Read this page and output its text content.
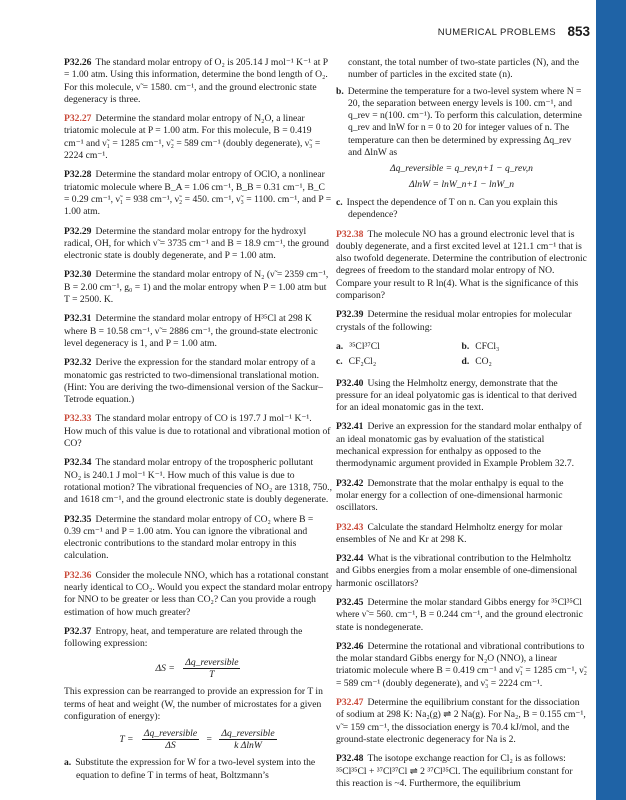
NUMERICAL PROBLEMS 853

P32.26 The standard molar entropy of O₂ is 205.14 J mol⁻¹ K⁻¹ at P = 1.00 atm. Using this information, determine the bond length of O₂. For this molecule, ν̃ = 1580. cm⁻¹, and the ground electronic state degeneracy is three.

P32.27 Determine the standard molar entropy of N₂O, a linear triatomic molecule at P = 1.00 atm. For this molecule, B = 0.419 cm⁻¹ and ν̃₁ = 1285 cm⁻¹, ν̃₂ = 589 cm⁻¹ (doubly degenerate), ν̃₃ = 2224 cm⁻¹.

P32.28 Determine the standard molar entropy of OClO, a nonlinear triatomic molecule where B_A = 1.06 cm⁻¹, B_B = 0.31 cm⁻¹, B_C = 0.29 cm⁻¹, ν̃₁ = 938 cm⁻¹, ν̃₂ = 450. cm⁻¹, ν̃₃ = 1100. cm⁻¹, and P = 1.00 atm.

P32.29 Determine the standard molar entropy for the hydroxyl radical, OH, for which ν̃ = 3735 cm⁻¹ and B = 18.9 cm⁻¹, the ground electronic state is doubly degenerate, and P = 1.00 atm.

P32.30 Determine the standard molar entropy of N₂ (ν̃ = 2359 cm⁻¹, B = 2.00 cm⁻¹, g₀ = 1) and the molar entropy when P = 1.00 atm but T = 2500. K.

P32.31 Determine the standard molar entropy of H³⁵Cl at 298 K where B = 10.58 cm⁻¹, ν̃ = 2886 cm⁻¹, the ground-state electronic level degeneracy is 1, and P = 1.00 atm.

P32.32 Derive the expression for the standard molar entropy of a monatomic gas restricted to two-dimensional translational motion. (Hint: You are deriving the two-dimensional version of the Sackur–Tetrode equation.)

P32.33 The standard molar entropy of CO is 197.7 J mol⁻¹ K⁻¹. How much of this value is due to rotational and vibrational motion of CO?

P32.34 The standard molar entropy of the tropospheric pollutant NO₂ is 240.1 J mol⁻¹ K⁻¹. How much of this value is due to rotational motion? The vibrational frequencies of NO₂ are 1318, 750., and 1618 cm⁻¹, and the ground electronic state is doubly degenerate.

P32.35 Determine the standard molar entropy of CO₂ where B = 0.39 cm⁻¹ and P = 1.00 atm. You can ignore the vibrational and electronic contributions to the standard molar entropy in this calculation.

P32.36 Consider the molecule NNO, which has a rotational constant nearly identical to CO₂. Would you expect the standard molar entropy for NNO to be greater or less than CO₂? Can you provide a rough estimation of how much greater?

P32.37 Entropy, heat, and temperature are related through the following expression:

$\Delta S = \frac{\text{Δq\_reversible}}{T}$

This expression can be rearranged to provide an expression for T in terms of heat and weight (W, the number of microstates for a given configuration of energy):

$T = \frac{\text{Δq\_reversible}}{\Delta S} = \frac{\text{Δq\_reversible}}{\text{k ΔlnW}}$

a. Substitute the expression for W for a two-level system into the equation to define T in terms of heat, Boltzmann’s

constant, the total number of two-state particles (N), and the number of particles in the excited state (n).

b. Determine the temperature for a two-level system where N = 20, the separation between energy levels is 100. cm⁻¹, and q_rev = n(100. cm⁻¹). To perform this calculation, determine q_rev and lnW for n = 0 to 20 for integer values of n. The temperature can then be determined by expressing Δq_rev and ΔlnW as

Δq_reversible = q_rev,n+1 − q_rev,n
ΔlnW = lnW_n+1 − lnW_n

c. Inspect the dependence of T on n. Can you explain this dependence?

P32.38 The molecule NO has a ground electronic level that is doubly degenerate, and a first excited level at 121.1 cm⁻¹ that is also twofold degenerate. Determine the contribution of electronic degrees of freedom to the standard molar entropy of NO. Compare your result to R ln(4). What is the significance of this comparison?

P32.39 Determine the residual molar entropies for molecular crystals of the following:

a. ³⁵Cl³⁷Cl	b. CFCl₃
c. CF₂Cl₂	d. CO₂

P32.40 Using the Helmholtz energy, demonstrate that the pressure for an ideal polyatomic gas is identical to that derived for an ideal monatomic gas in the text.

P32.41 Derive an expression for the standard molar enthalpy of an ideal monatomic gas by evaluation of the statistical mechanical expression for enthalpy as opposed to the thermodynamic argument provided in Example Problem 32.7.

P32.42 Demonstrate that the molar enthalpy is equal to the molar energy for a collection of one-dimensional harmonic oscillators.

P32.43 Calculate the standard Helmholtz energy for molar ensembles of Ne and Kr at 298 K.

P32.44 What is the vibrational contribution to the Helmholtz and Gibbs energies from a molar ensemble of one-dimensional harmonic oscillators?

P32.45 Determine the molar standard Gibbs energy for ³⁵Cl³⁵Cl where ν̃ = 560. cm⁻¹, B = 0.244 cm⁻¹, and the ground electronic state is nondegenerate.

P32.46 Determine the rotational and vibrational contributions to the molar standard Gibbs energy for N₂O (NNO), a linear triatomic molecule where B = 0.419 cm⁻¹ and ν̃₁ = 1285 cm⁻¹, ν̃₂ = 589 cm⁻¹ (doubly degenerate), and ν̃₃ = 2224 cm⁻¹.

P32.47 Determine the equilibrium constant for the dissociation of sodium at 298 K: Na₂(g) ⇌ 2 Na(g). For Na₂, B = 0.155 cm⁻¹, ν̃ = 159 cm⁻¹, the dissociation energy is 70.4 kJ/mol, and the ground-state electronic degeneracy for Na is 2.

P32.48 The isotope exchange reaction for Cl₂ is as follows: ³⁵Cl³⁵Cl + ³⁷Cl³⁷Cl ⇌ 2 ³⁷Cl³⁵Cl. The equilibrium constant for this reaction is ~4. Furthermore, the equilibrium
